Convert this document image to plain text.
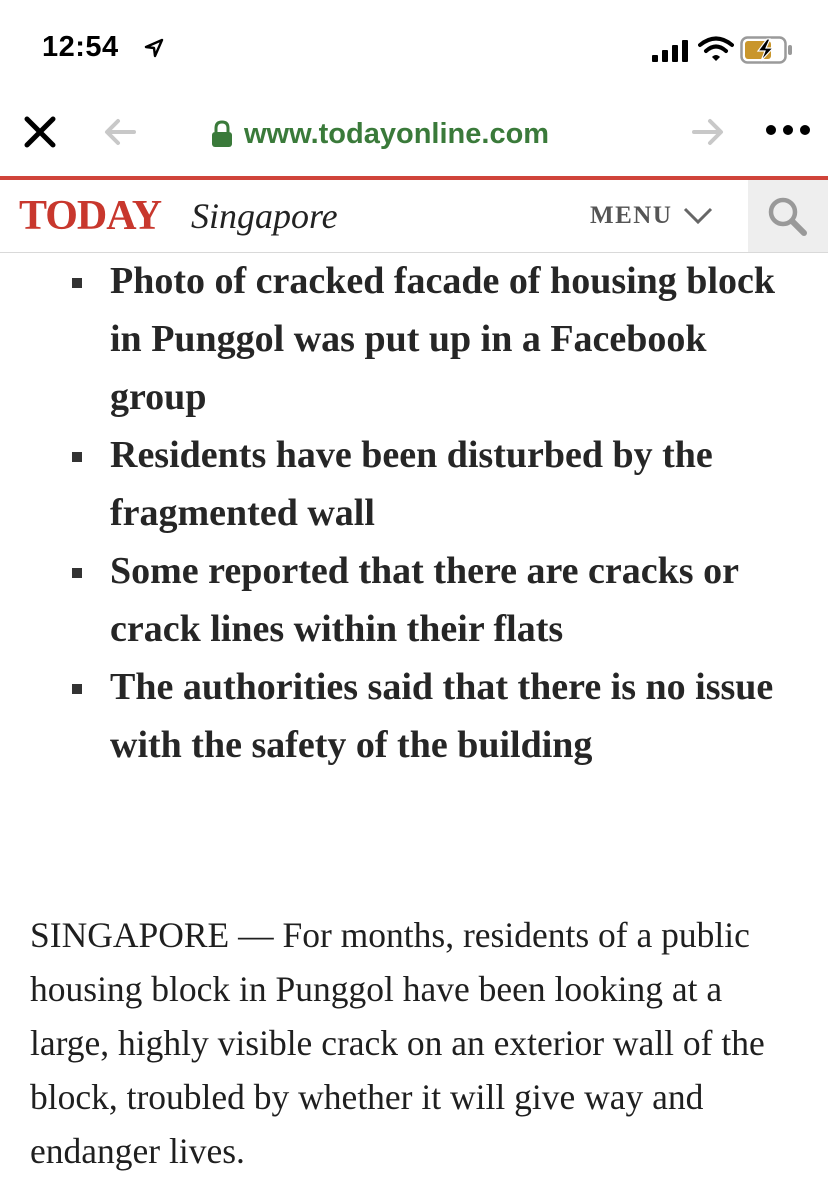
12:54
www.todayonline.com
TODAY Singapore	MENU
Photo of cracked facade of housing block in Punggol was put up in a Facebook group
Residents have been disturbed by the fragmented wall
Some reported that there are cracks or crack lines within their flats
The authorities said that there is no issue with the safety of the building

SINGAPORE — For months, residents of a public housing block in Punggol have been looking at a large, highly visible crack on an exterior wall of the block, troubled by whether it will give way and endanger lives.
